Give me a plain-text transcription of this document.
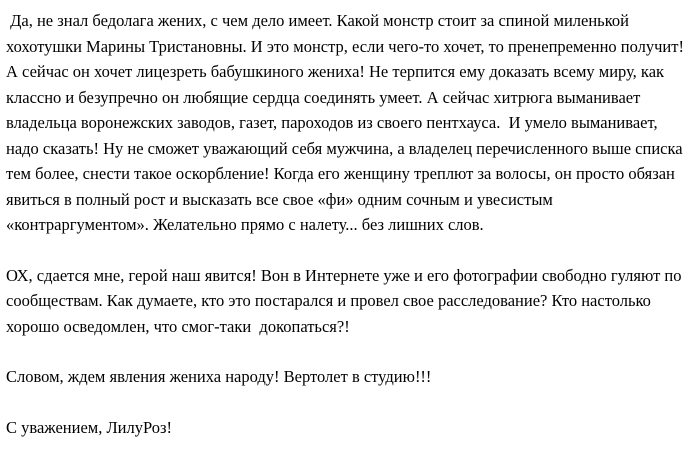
Да, не знал бедолага жених, с чем дело имеет. Какой монстр стоит за спиной миленькой хохотушки Марины Тристановны. И это монстр, если чего-то хочет, то пренепременно получит! А сейчас он хочет лицезреть бабушкиного жениха! Не терпится ему доказать всему миру, как классно и безупречно он любящие сердца соединять умеет. А сейчас хитрюга выманивает владельца воронежских заводов, газет, пароходов из своего пентхауса.  И умело выманивает, надо сказать! Ну не сможет уважающий себя мужчина, а владелец перечисленного выше списка тем более, снести такое оскорбление! Когда его женщину треплют за волосы, он просто обязан явиться в полный рост и высказать все свое «фи» одним сочным и увесистым «контраргументом». Желательно прямо с налету... без лишних слов.

ОХ, сдается мне, герой наш явится! Вон в Интернете уже и его фотографии свободно гуляют по сообществам. Как думаете, кто это постарался и провел свое расследование? Кто настолько хорошо осведомлен, что смог-таки  докопаться?!

Словом, ждем явления жениха народу! Вертолет в студию!!!

С уважением, ЛилуРоз!
